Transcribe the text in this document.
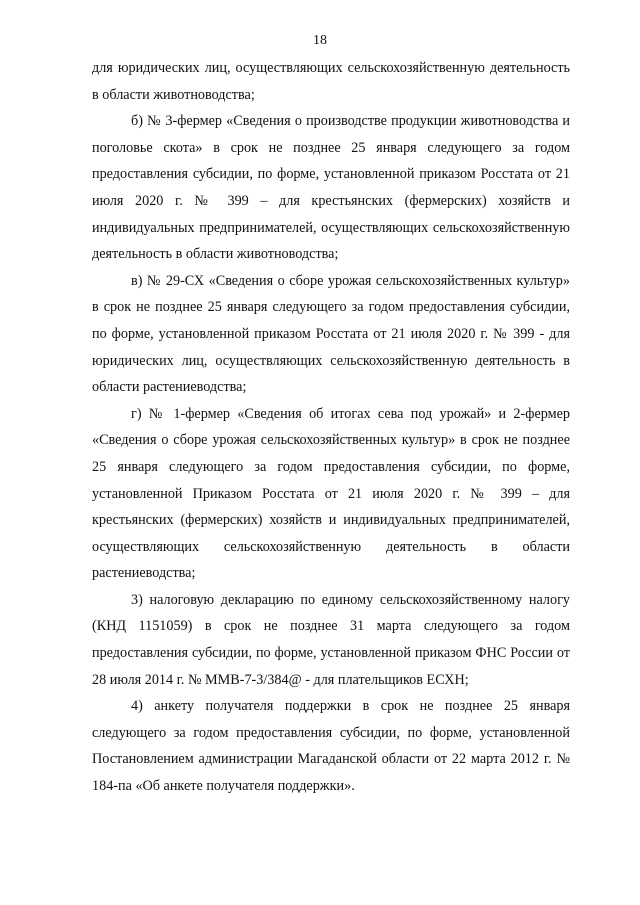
18

для юридических лиц, осуществляющих сельскохозяйственную деятельность в области животноводства;

б) № 3-фермер «Сведения о производстве продукции животноводства и поголовье скота» в срок не позднее 25 января следующего за годом предоставления субсидии, по форме, установленной приказом Росстата от 21 июля 2020 г. № 399 – для крестьянских (фермерских) хозяйств и индивидуальных предпринимателей, осуществляющих сельскохозяйственную деятельность в области животноводства;

в) № 29-СХ «Сведения о сборе урожая сельскохозяйственных культур» в срок не позднее 25 января следующего за годом предоставления субсидии, по форме, установленной приказом Росстата от 21 июля 2020 г. № 399 - для юридических лиц, осуществляющих сельскохозяйственную деятельность в области растениеводства;

г) № 1-фермер «Сведения об итогах сева под урожай» и 2-фермер «Сведения о сборе урожая сельскохозяйственных культур» в срок не позднее 25 января следующего за годом предоставления субсидии, по форме, установленной Приказом Росстата от 21 июля 2020 г. № 399 – для крестьянских (фермерских) хозяйств и индивидуальных предпринимателей, осуществляющих сельскохозяйственную деятельность в области растениеводства;

3) налоговую декларацию по единому сельскохозяйственному налогу (КНД 1151059) в срок не позднее 31 марта следующего за годом предоставления субсидии, по форме, установленной приказом ФНС России от 28 июля 2014 г. № ММВ-7-3/384@ - для плательщиков ЕСХН;

4) анкету получателя поддержки в срок не позднее 25 января следующего за годом предоставления субсидии, по форме, установленной Постановлением администрации Магаданской области от 22 марта 2012 г. № 184-па «Об анкете получателя поддержки».
